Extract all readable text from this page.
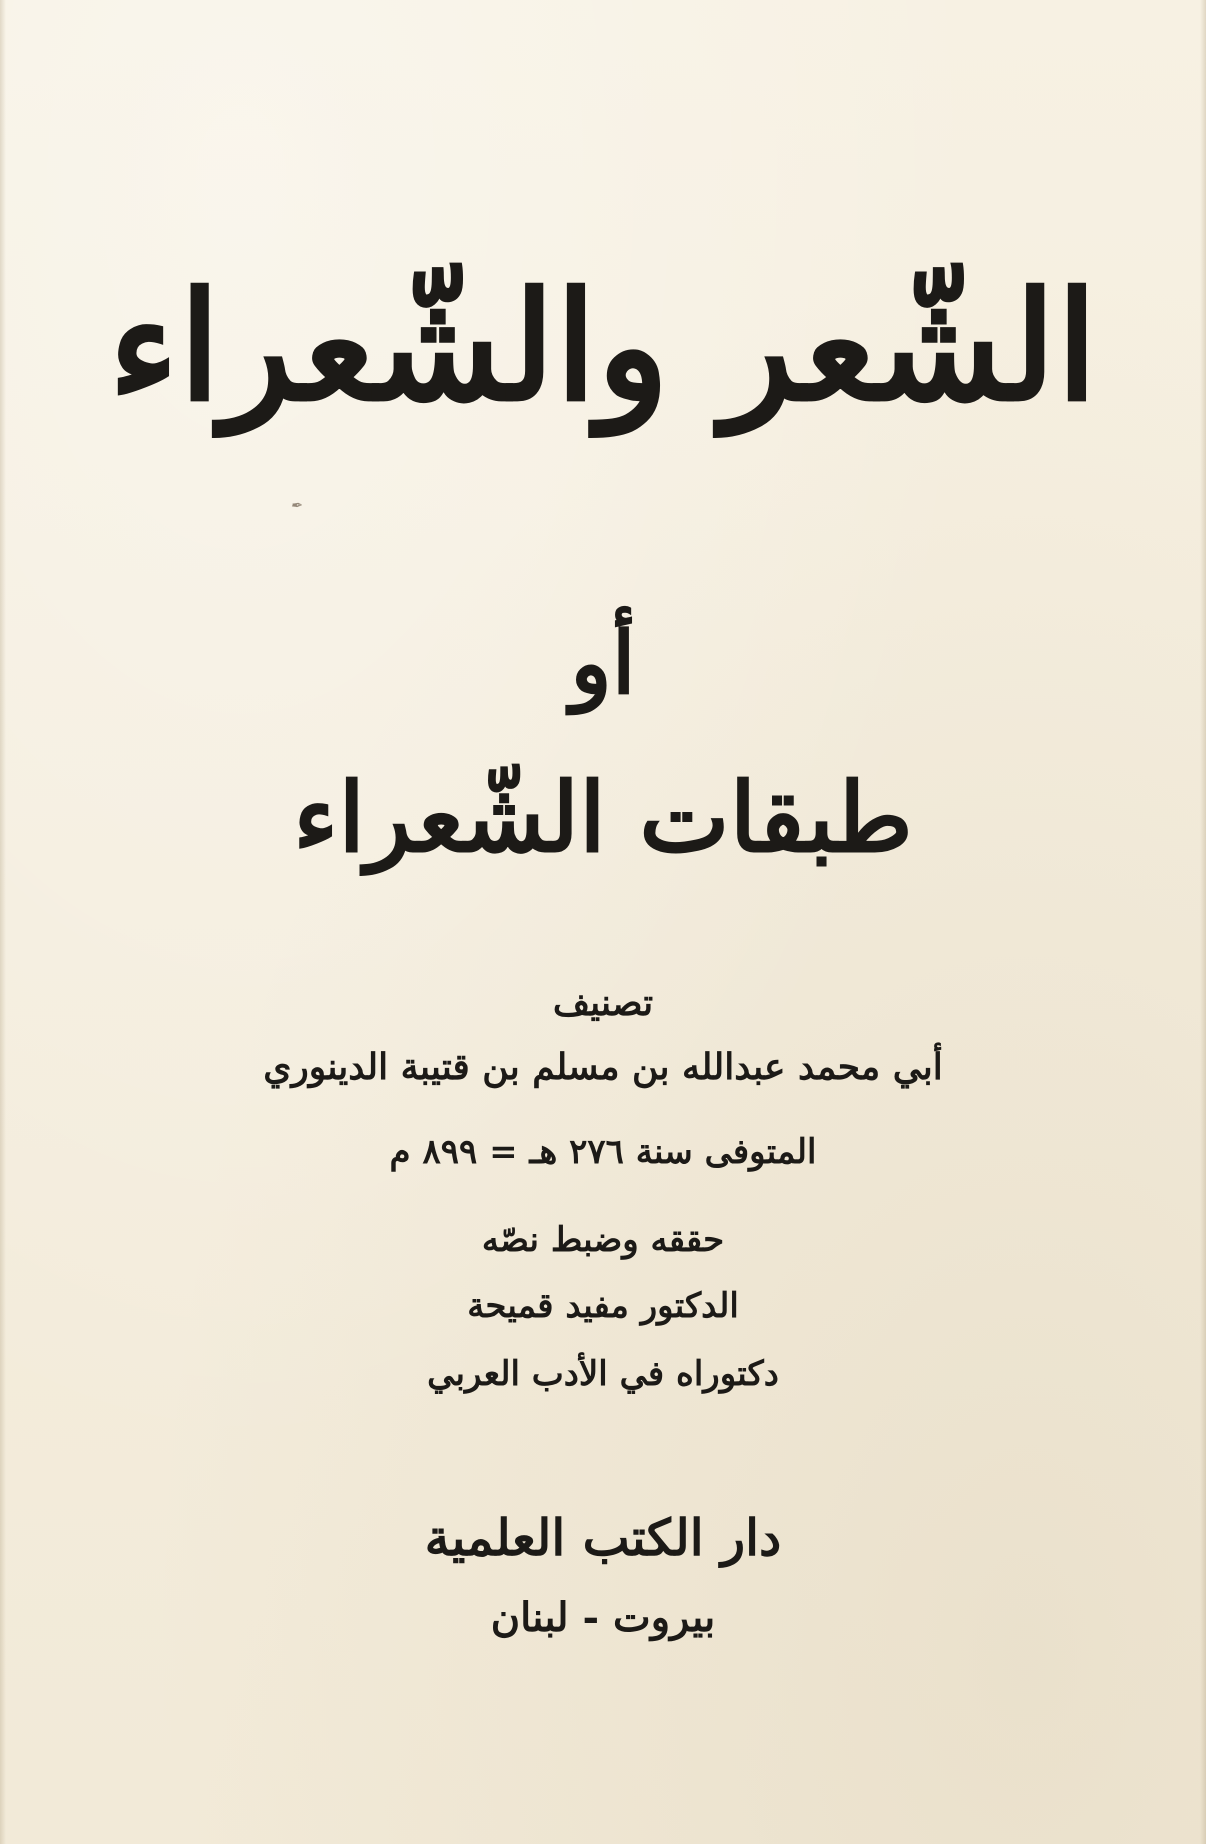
الشّعر والشّعراء
✒
أو
طبقات الشّعراء
تصنيف
أبي محمد عبدالله بن مسلم بن قتيبة الدينوري
المتوفى سنة ٢٧٦ هـ = ٨٩٩ م
حققه وضبط نصّه
الدكتور مفيد قميحة
دكتوراه في الأدب العربي
دار الكتب العلمية
بيروت - لبنان
